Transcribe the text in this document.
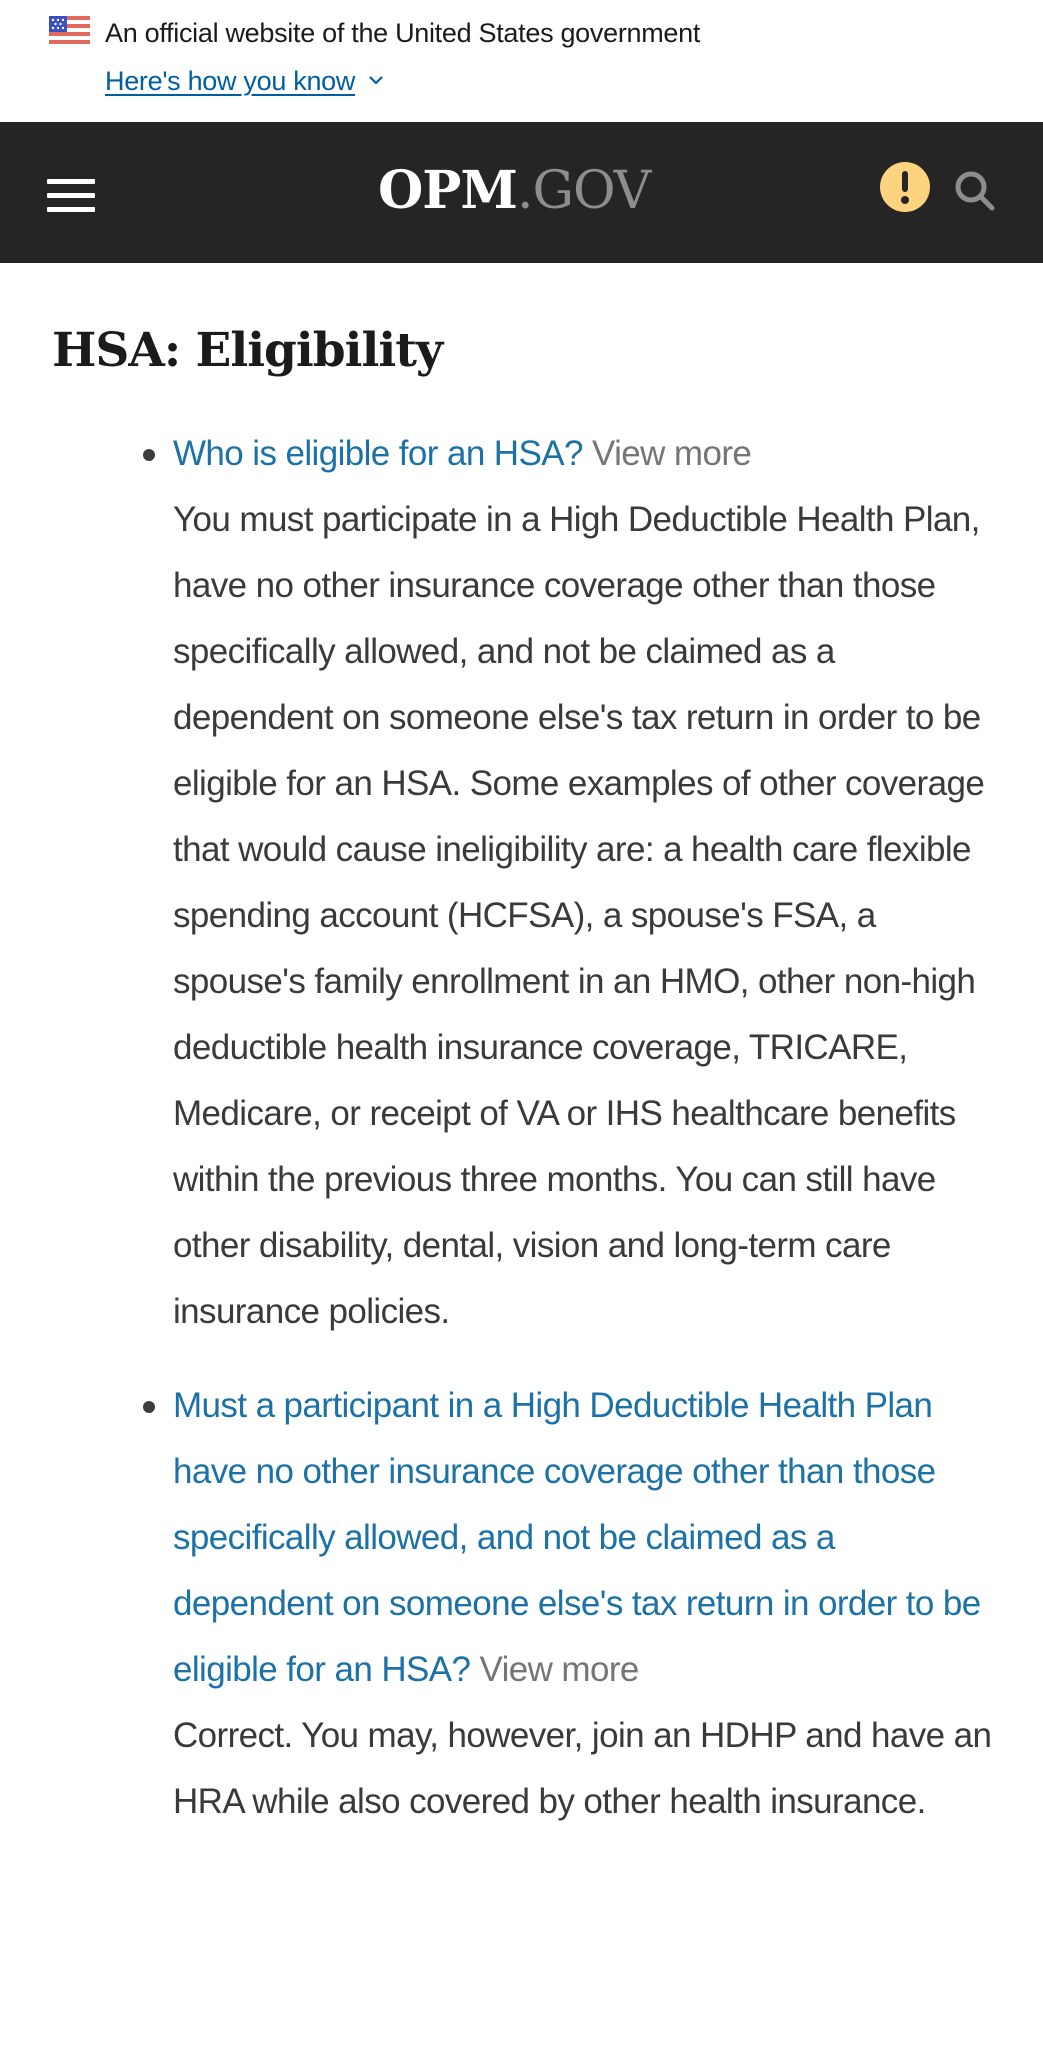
An official website of the United States government
Here's how you know
OPM.GOV
HSA: Eligibility
Who is eligible for an HSA? View more
You must participate in a High Deductible Health Plan, have no other insurance coverage other than those specifically allowed, and not be claimed as a dependent on someone else's tax return in order to be eligible for an HSA. Some examples of other coverage that would cause ineligibility are: a health care flexible spending account (HCFSA), a spouse's FSA, a spouse's family enrollment in an HMO, other non-high deductible health insurance coverage, TRICARE, Medicare, or receipt of VA or IHS healthcare benefits within the previous three months. You can still have other disability, dental, vision and long-term care insurance policies.
Must a participant in a High Deductible Health Plan have no other insurance coverage other than those specifically allowed, and not be claimed as a dependent on someone else's tax return in order to be eligible for an HSA? View more
Correct. You may, however, join an HDHP and have an HRA while also covered by other health insurance.
